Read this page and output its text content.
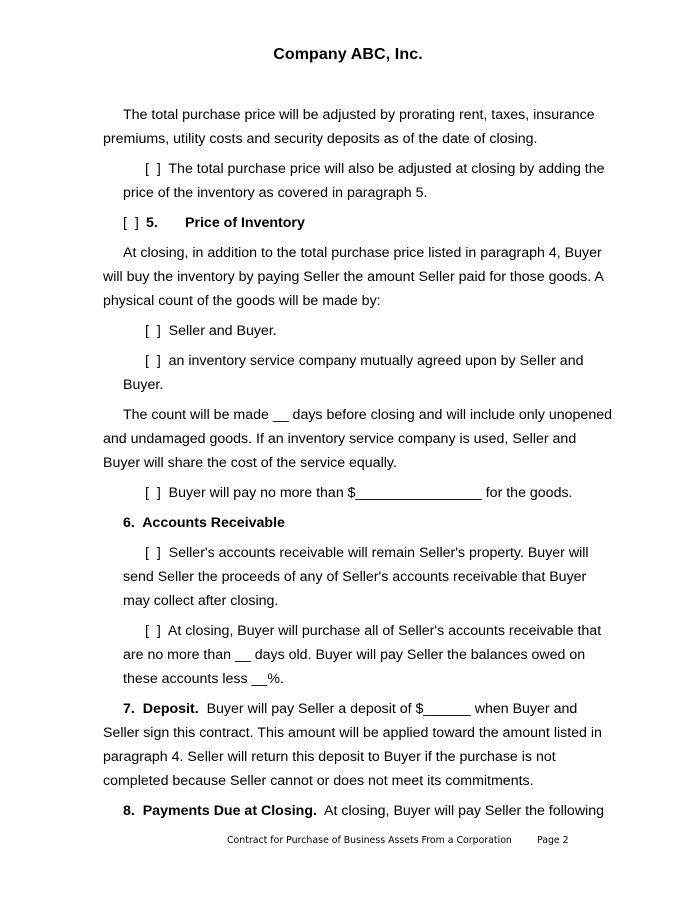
Company ABC, Inc.
The total purchase price will be adjusted by prorating rent, taxes, insurance
premiums, utility costs and security deposits as of the date of closing.
[  ]  The total purchase price will also be adjusted at closing by adding the
price of the inventory as covered in paragraph 5.
[  ] 5. Price of Inventory
At closing, in addition to the total purchase price listed in paragraph 4, Buyer
will buy the inventory by paying Seller the amount Seller paid for those goods. A
physical count of the goods will be made by:
[  ]  Seller and Buyer.
[  ]  an inventory service company mutually agreed upon by Seller and
Buyer.
The count will be made __ days before closing and will include only unopened
and undamaged goods. If an inventory service company is used, Seller and
Buyer will share the cost of the service equally.
[  ]  Buyer will pay no more than $________________ for the goods.
6.  Accounts Receivable
[  ]  Seller's accounts receivable will remain Seller's property. Buyer will
send Seller the proceeds of any of Seller's accounts receivable that Buyer
may collect after closing.
[  ]  At closing, Buyer will purchase all of Seller's accounts receivable that
are no more than __ days old. Buyer will pay Seller the balances owed on
these accounts less __%.
7.  Deposit.  Buyer will pay Seller a deposit of $______ when Buyer and
Seller sign this contract. This amount will be applied toward the amount listed in
paragraph 4. Seller will return this deposit to Buyer if the purchase is not
completed because Seller cannot or does not meet its commitments.
8.  Payments Due at Closing.  At closing, Buyer will pay Seller the following
Contract for Purchase of Business Assets From a Corporation	Page 2
